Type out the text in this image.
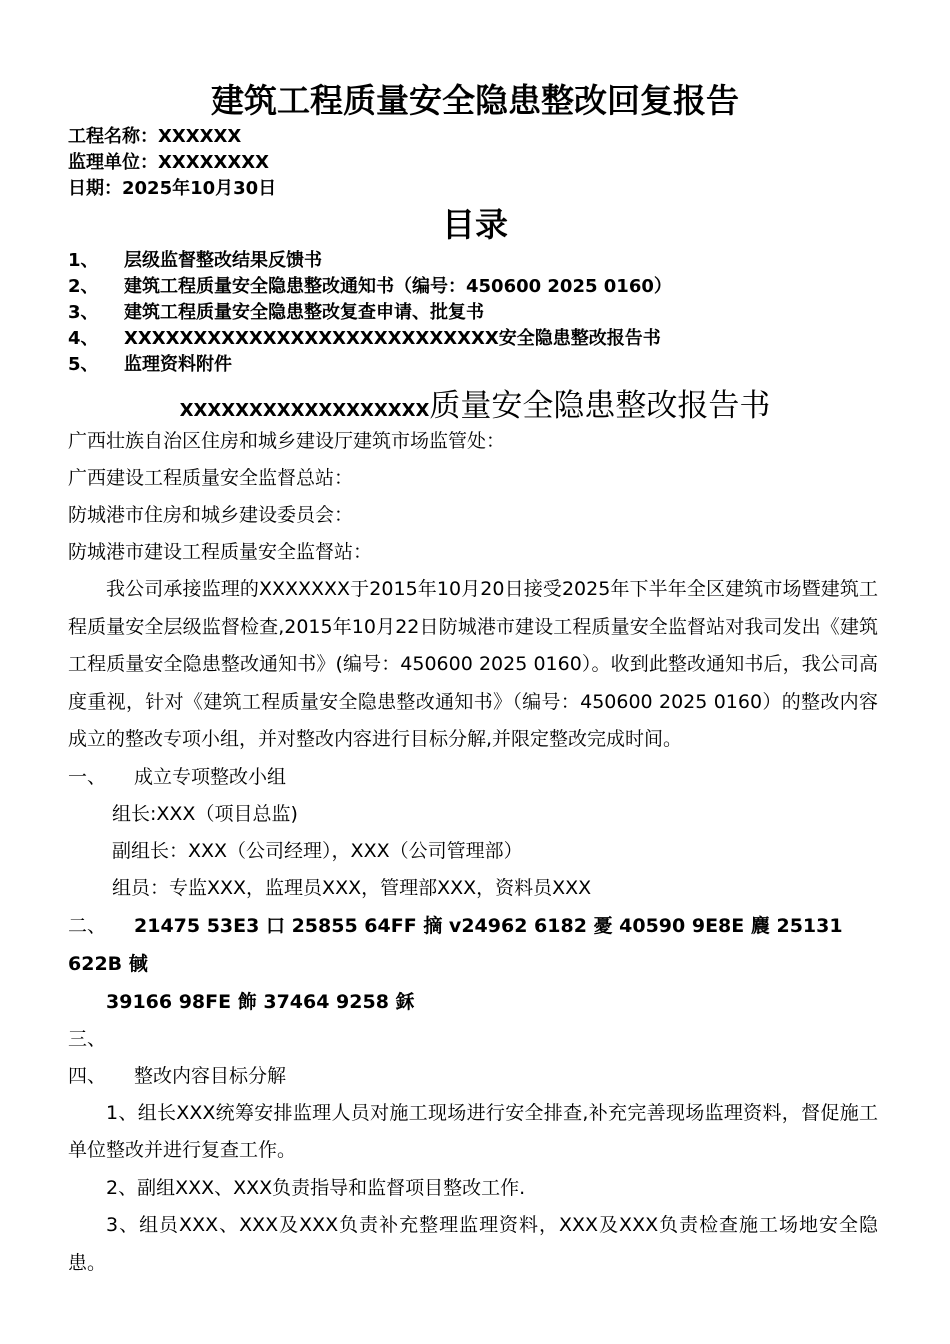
建筑工程质量安全隐患整改回复报告
工程名称：XXXXXX
监理单位：XXXXXXXX
日期：2025年10月30日
目录
1、 层级监督整改结果反馈书
2、 建筑工程质量安全隐患整改通知书（编号：450600 2025 0160）
3、 建筑工程质量安全隐患整改复查申请、批复书
4、 XXXXXXXXXXXXXXXXXXXXXXXXXXX安全隐患整改报告书
5、 监理资料附件
XXXXXXXXXXXXXXXXXX质量安全隐患整改报告书
广西壮族自治区住房和城乡建设厅建筑市场监管处：
广西建设工程质量安全监督总站：
防城港市住房和城乡建设委员会：
防城港市建设工程质量安全监督站：

我公司承接监理的XXXXXXX于2015年10月20日接受2025年下半年全区建筑市场暨建筑工程质量安全层级监督检查,2015年10月22日防城港市建设工程质量安全监督站对我司发出《建筑工程质量安全隐患整改通知书》(编号：450600 2025 0160）。收到此整改通知书后，我公司高度重视，针对《建筑工程质量安全隐患整改通知书》（编号：450600 2025 0160）的整改内容成立的整改专项小组，并对整改内容进行目标分解,并限定整改完成时间。

一、 成立专项整改小组
组长:XXX（项目总监)
副组长：XXX（公司经理），XXX（公司管理部）
组员：专监XXX，监理员XXX，管理部XXX，资料员XXX
二、 21475 53E3 口 25855 64FF 摘 v24962 6182 憂 40590 9E8E 麎 25131 622B 戫
39166 98FE 飾 37464 9258 鉌
三、
四、 整改内容目标分解

1、组长XXX统筹安排监理人员对施工现场进行安全排查,补充完善现场监理资料，督促施工单位整改并进行复查工作。

2、副组XXX、XXX负责指导和监督项目整改工作.

3、组员XXX、XXX及XXX负责补充整理监理资料，XXX及XXX负责检查施工场地安全隐患。
